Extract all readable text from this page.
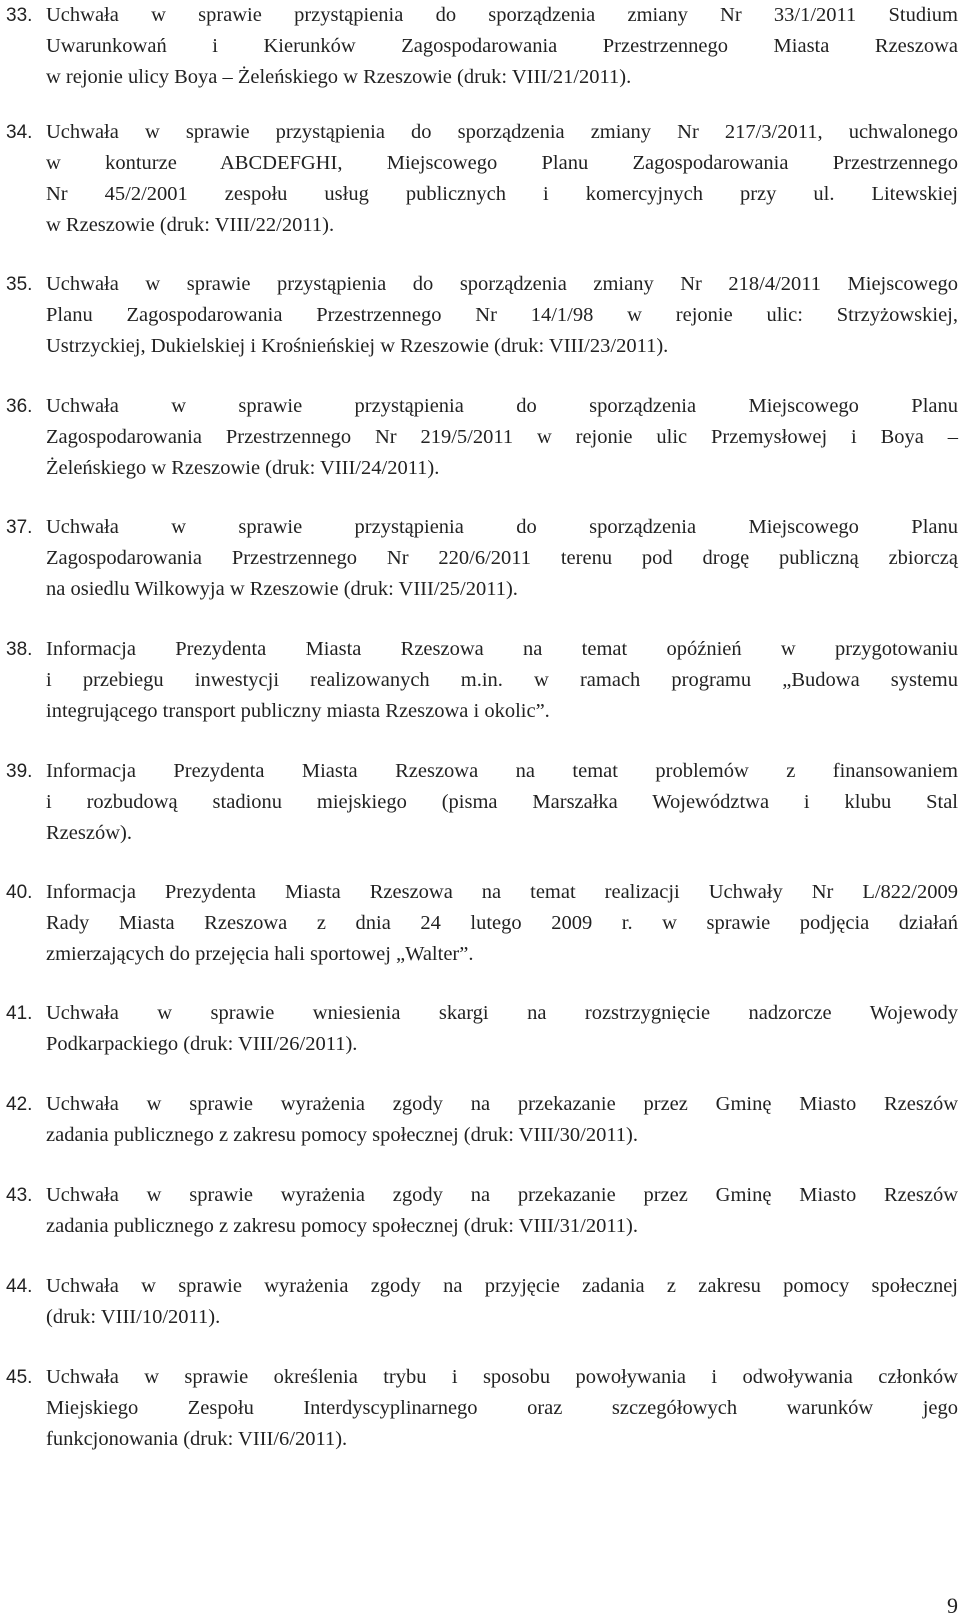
33. Uchwała w sprawie przystąpienia do sporządzenia zmiany Nr 33/1/2011 Studium
Uwarunkowań i Kierunków Zagospodarowania Przestrzennego Miasta Rzeszowa
w rejonie ulicy Boya – Żeleńskiego w Rzeszowie (druk: VIII/21/2011).
34. Uchwała w sprawie przystąpienia do sporządzenia zmiany Nr 217/3/2011, uchwalonego
w konturze ABCDEFGHI, Miejscowego Planu Zagospodarowania Przestrzennego
Nr 45/2/2001 zespołu usług publicznych i komercyjnych przy ul. Litewskiej
w Rzeszowie (druk: VIII/22/2011).
35. Uchwała w sprawie przystąpienia do sporządzenia zmiany Nr 218/4/2011 Miejscowego
Planu Zagospodarowania Przestrzennego Nr 14/1/98 w rejonie ulic: Strzyżowskiej,
Ustrzyckiej, Dukielskiej i Krośnieńskiej w Rzeszowie (druk: VIII/23/2011).
36. Uchwała w sprawie przystąpienia do sporządzenia Miejscowego Planu
Zagospodarowania Przestrzennego Nr 219/5/2011 w rejonie ulic Przemysłowej i Boya –
Żeleńskiego w Rzeszowie (druk: VIII/24/2011).
37. Uchwała w sprawie przystąpienia do sporządzenia Miejscowego Planu
Zagospodarowania Przestrzennego Nr 220/6/2011 terenu pod drogę publiczną zbiorczą
na osiedlu Wilkowyja w Rzeszowie (druk: VIII/25/2011).
38. Informacja Prezydenta Miasta Rzeszowa na temat opóźnień w przygotowaniu
i przebiegu inwestycji realizowanych m.in. w ramach programu „Budowa systemu
integrującego transport publiczny miasta Rzeszowa i okolic”.
39. Informacja Prezydenta Miasta Rzeszowa na temat problemów z finansowaniem
i rozbudową stadionu miejskiego (pisma Marszałka Województwa i klubu Stal
Rzeszów).
40. Informacja Prezydenta Miasta Rzeszowa na temat realizacji Uchwały Nr L/822/2009
Rady Miasta Rzeszowa z dnia 24 lutego 2009 r. w sprawie podjęcia działań
zmierzających do przejęcia hali sportowej „Walter”.
41. Uchwała w sprawie wniesienia skargi na rozstrzygnięcie nadzorcze Wojewody
Podkarpackiego (druk: VIII/26/2011).
42. Uchwała w sprawie wyrażenia zgody na przekazanie przez Gminę Miasto Rzeszów
zadania publicznego z zakresu pomocy społecznej (druk: VIII/30/2011).
43. Uchwała w sprawie wyrażenia zgody na przekazanie przez Gminę Miasto Rzeszów
zadania publicznego z zakresu pomocy społecznej (druk: VIII/31/2011).
44. Uchwała w sprawie wyrażenia zgody na przyjęcie zadania z zakresu pomocy społecznej
(druk: VIII/10/2011).
45. Uchwała w sprawie określenia trybu i sposobu powoływania i odwoływania członków
Miejskiego Zespołu Interdyscyplinarnego oraz szczegółowych warunków jego
funkcjonowania (druk: VIII/6/2011).
9
